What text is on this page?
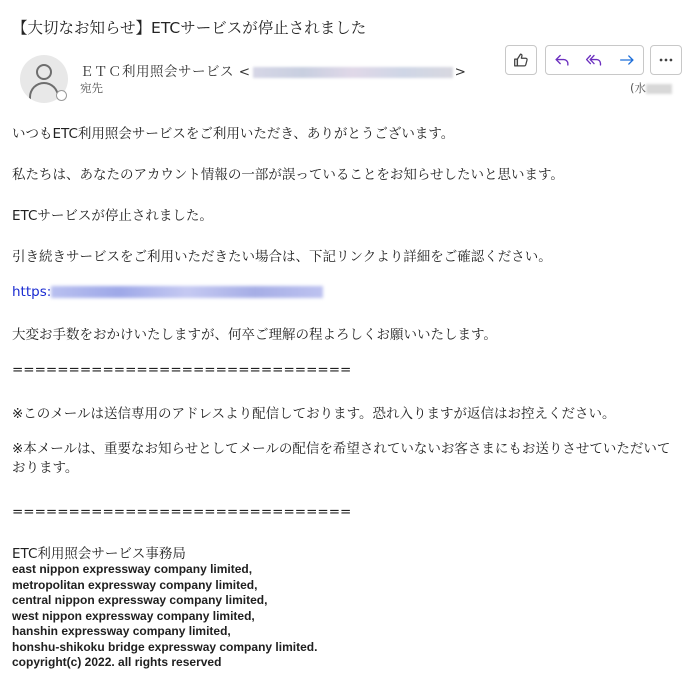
【大切なお知らせ】ETCサービスが停止されました
ＥＴＣ利用照会サービス <	>
宛先	(水

いつもETC利用照会サービスをご利用いただき、ありがとうございます。

私たちは、あなたのアカウント情報の一部が誤っていることをお知らせしたいと思います。

ETCサービスが停止されました。

引き続きサービスをご利用いただきたい場合は、下記リンクより詳細をご確認ください。

https:

大変お手数をおかけいたしますが、何卒ご理解の程よろしくお願いいたします。

==============================

※このメールは送信専用のアドレスより配信しております。恐れ入りますが返信はお控えください。

※本メールは、重要なお知らせとしてメールの配信を希望されていないお客さまにもお送りさせていただいております。

==============================

ETC利用照会サービス事務局

east nippon expressway company limited,
metropolitan expressway company limited,
central nippon expressway company limited,
west nippon expressway company limited,
hanshin expressway company limited,
honshu-shikoku bridge expressway company limited.
copyright(c) 2022. all rights reserved
